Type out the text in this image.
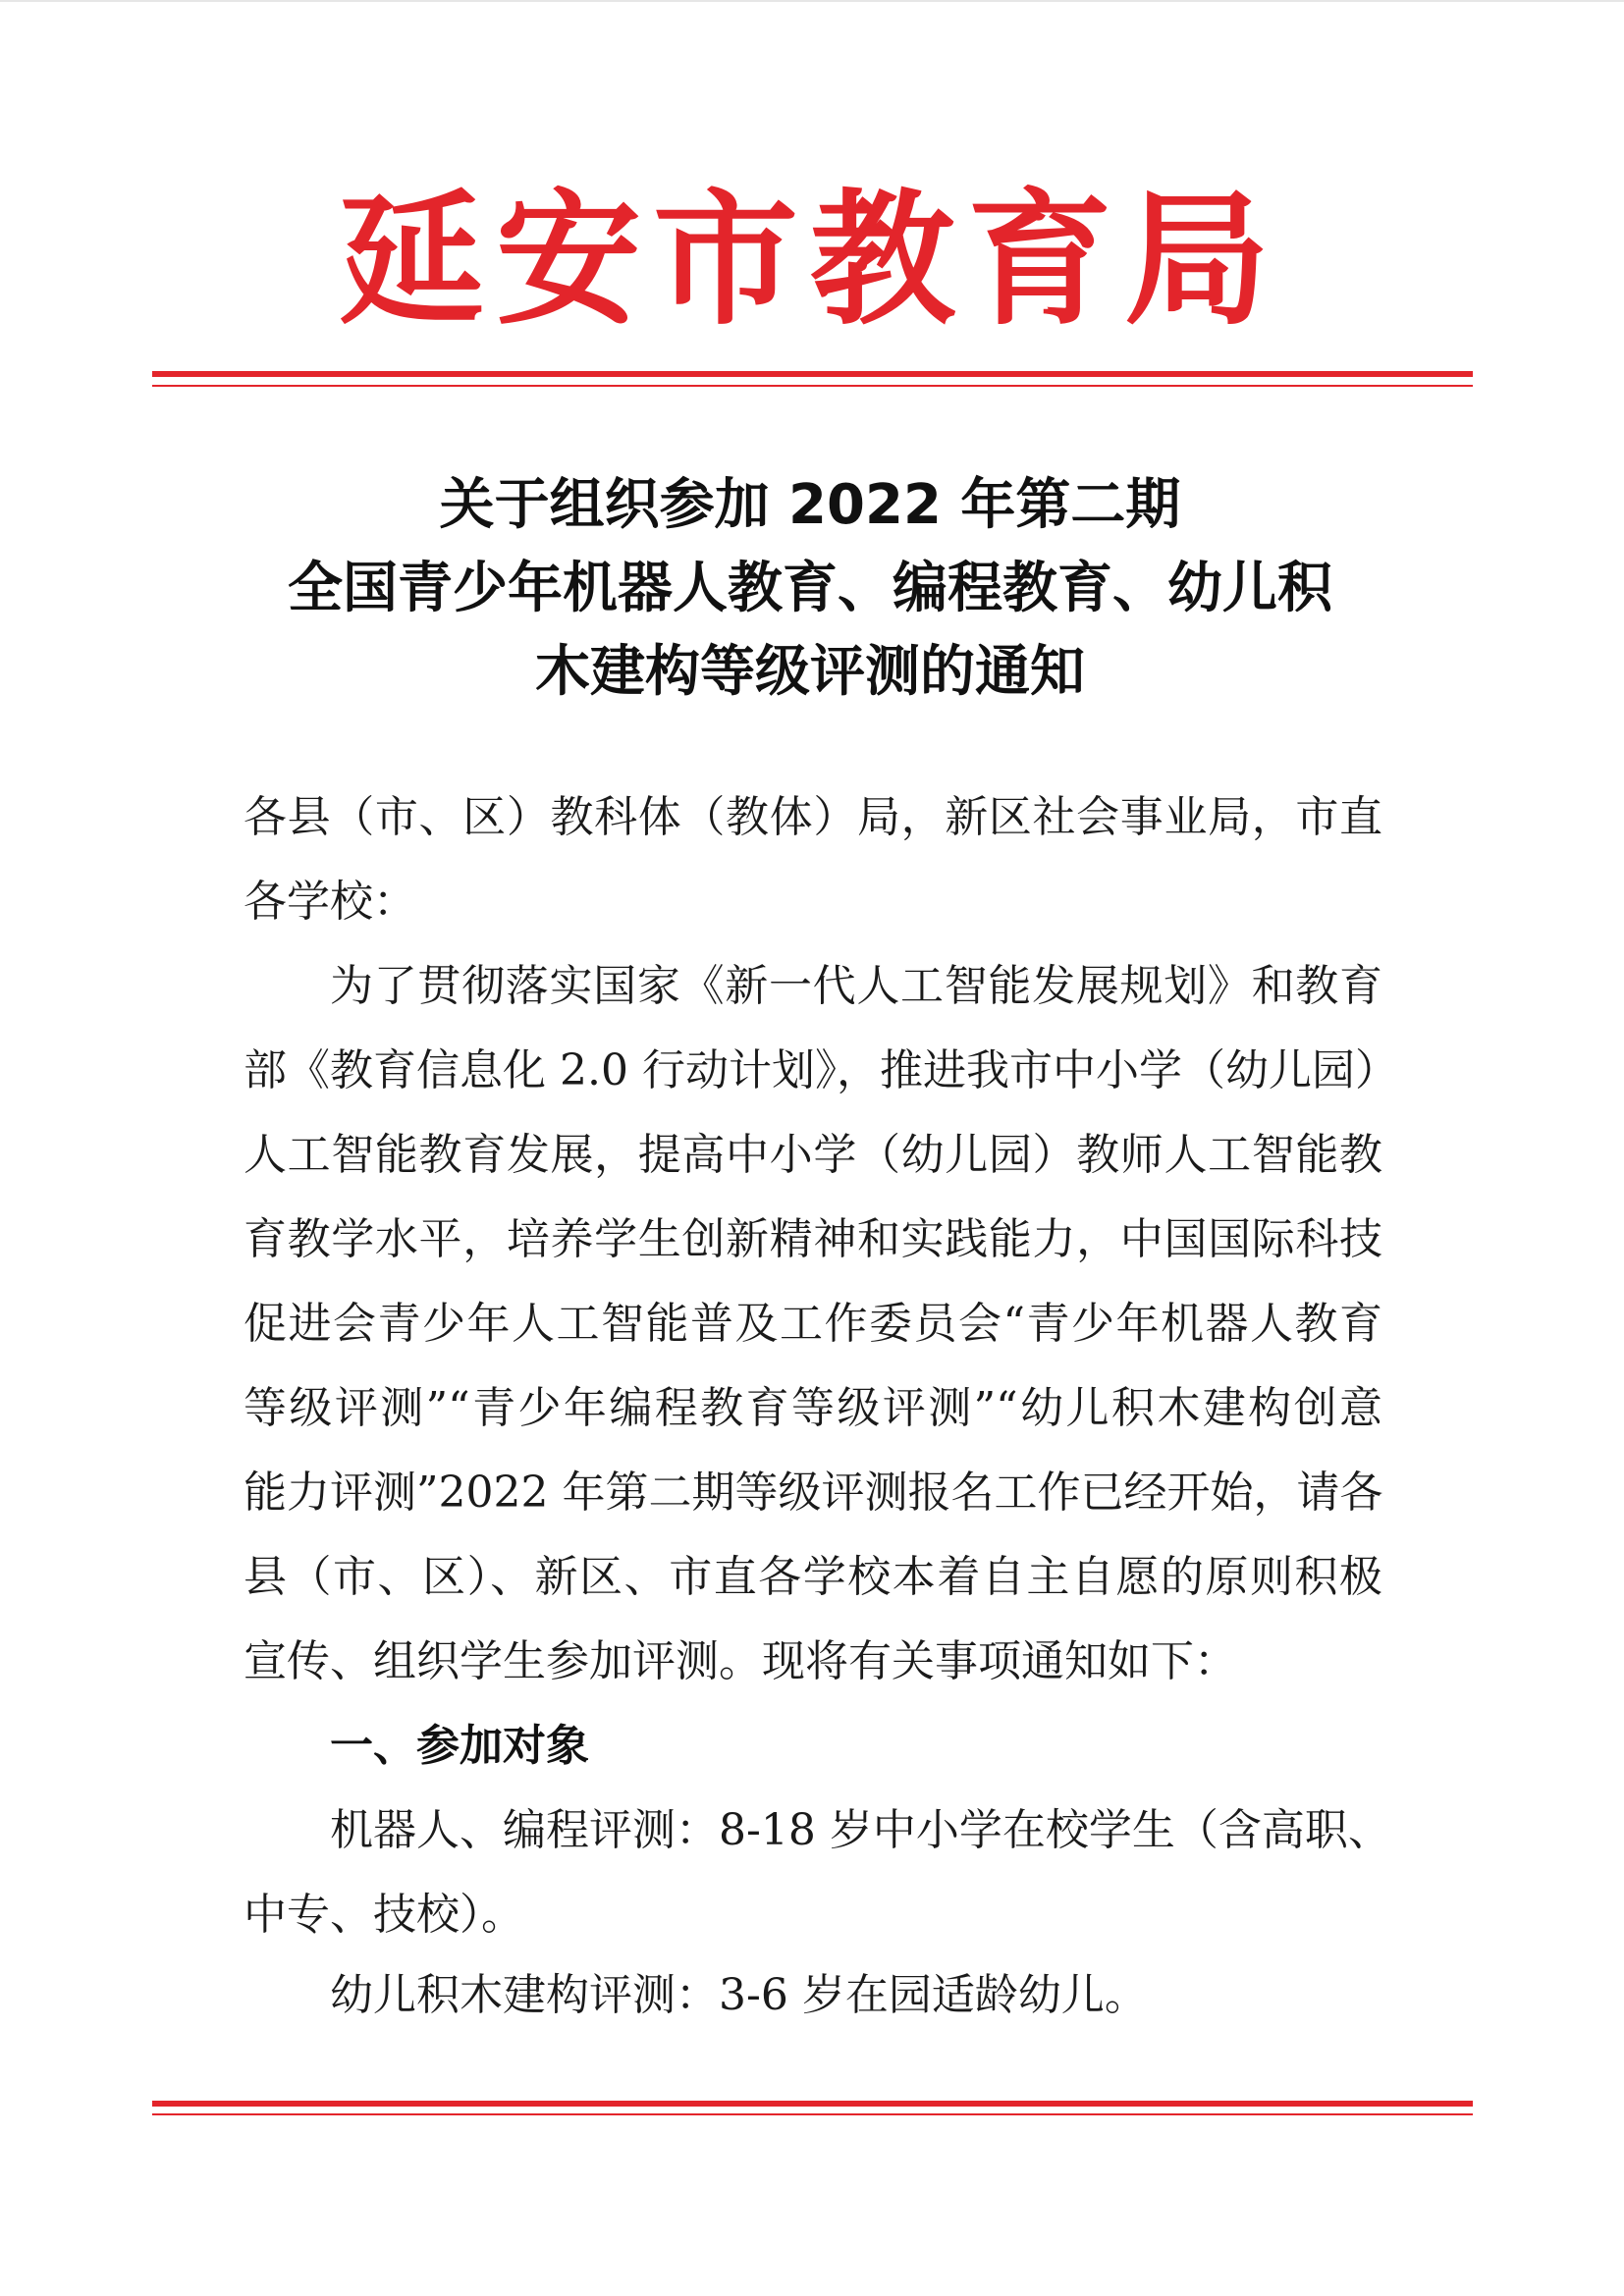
延安市教育局
关于组织参加 2022 年第二期
全国青少年机器人教育、编程教育、幼儿积
木建构等级评测的通知
各县（市、区）教科体（教体）局，新区社会事业局，市直
各学校：
为了贯彻落实国家《新一代人工智能发展规划》和教育
部《教育信息化 2.0 行动计划》，推进我市中小学（幼儿园）
人工智能教育发展，提高中小学（幼儿园）教师人工智能教
育教学水平，培养学生创新精神和实践能力，中国国际科技
促进会青少年人工智能普及工作委员会“青少年机器人教育
等级评测”“青少年编程教育等级评测”“幼儿积木建构创意
能力评测”2022 年第二期等级评测报名工作已经开始，请各
县（市、区）、新区、市直各学校本着自主自愿的原则积极
宣传、组织学生参加评测。现将有关事项通知如下：
一、参加对象
机器人、编程评测：8-18 岁中小学在校学生（含高职、
中专、技校）。
幼儿积木建构评测：3-6 岁在园适龄幼儿。
